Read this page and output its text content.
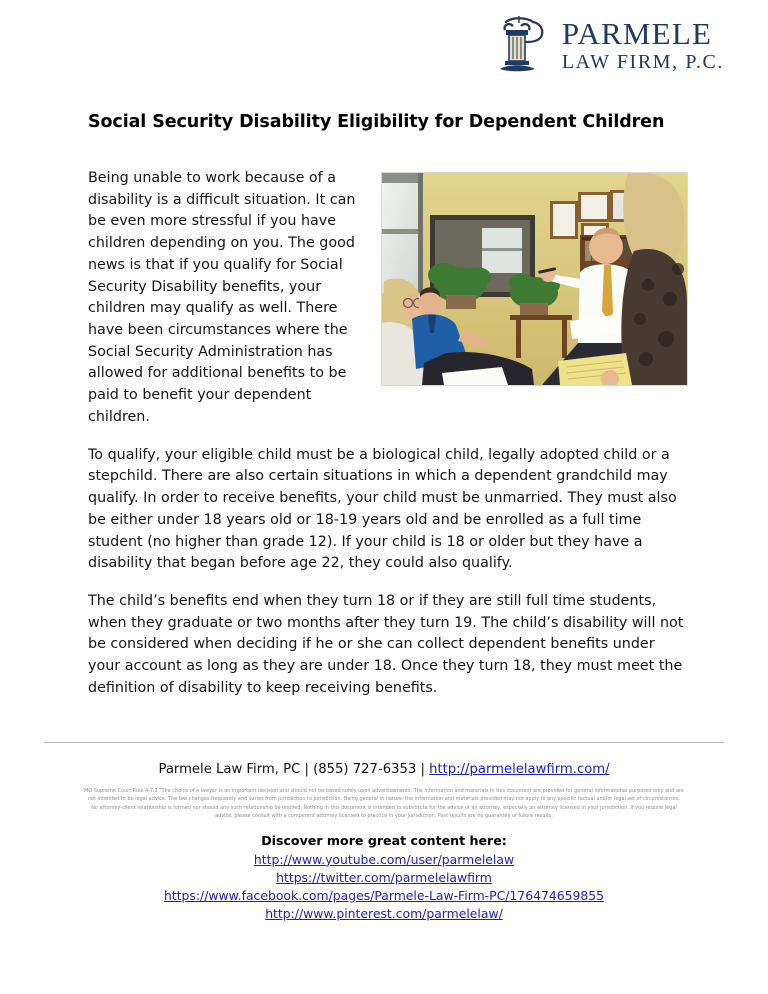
PARMELE
LAW FIRM, P.C.
Social Security Disability Eligibility for Dependent Children

Being unable to work because of a disability is a difficult situation. It can be even more stressful if you have children depending on you. The good news is that if you qualify for Social Security Disability benefits, your children may qualify as well. There have been circumstances where the Social Security Administration has allowed for additional benefits to be paid to benefit your dependent children.

To qualify, your eligible child must be a biological child, legally adopted child or a stepchild. There are also certain situations in which a dependent grandchild may qualify. In order to receive benefits, your child must be unmarried. They must also be either under 18 years old or 18-19 years old and be enrolled as a full time student (no higher than grade 12). If your child is 18 or older but they have a disability that began before age 22, they could also qualify.

The child’s benefits end when they turn 18 or if they are still full time students, when they graduate or two months after they turn 19. The child’s disability will not be considered when deciding if he or she can collect dependent benefits under your account as long as they are under 18. Once they turn 18, they must meet the definition of disability to keep receiving benefits.

Parmele Law Firm, PC | (855) 727-6353 | http://parmelelawfirm.com/
MO Supreme Court Rule 4-7.2 "The choice of a lawyer is an important decision and should not be based solely upon advertisements. The information and materials in this document are provided for general informational purposes only and are not intended to be legal advice. The law changes frequently and varies from jurisdiction to jurisdiction. Being general in nature, the information and materials provided may not apply to any specific factual and/or legal set of circumstances. No attorney-client relationship is formed nor should any such relationship be implied. Nothing in this document is intended to substitute for the advice of an attorney, especially an attorney licensed in your jurisdiction. If you require legal advice, please consult with a competent attorney licensed to practice in your jurisdiction. Past results are no guarantee of future results.
Discover more great content here:
http://www.youtube.com/user/parmelelaw
https://twitter.com/parmelelawfirm
https://www.facebook.com/pages/Parmele-Law-Firm-PC/176474659855
http://www.pinterest.com/parmelelaw/
